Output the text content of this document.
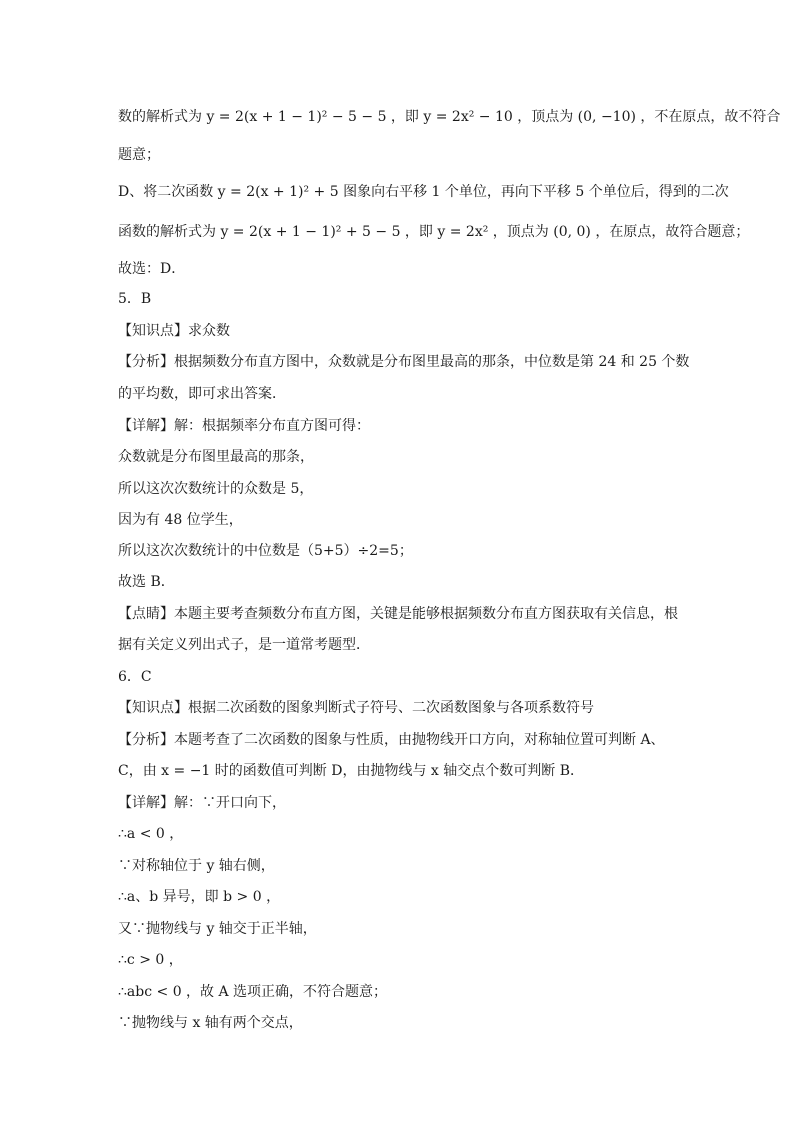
数的解析式为 y = 2(x + 1 − 1)² − 5 − 5 ，即 y = 2x² − 10 ，顶点为 (0, −10) ，不在原点，故不符合
题意；
D、将二次函数 y = 2(x + 1)² + 5 图象向右平移 1 个单位，再向下平移 5 个单位后，得到的二次
函数的解析式为 y = 2(x + 1 − 1)² + 5 − 5 ，即 y = 2x² ，顶点为 (0, 0) ，在原点，故符合题意；
故选：D．
5．B
【知识点】求众数
【分析】根据频数分布直方图中，众数就是分布图里最高的那条，中位数是第 24 和 25 个数
的平均数，即可求出答案．
【详解】解：根据频率分布直方图可得：
众数就是分布图里最高的那条，
所以这次次数统计的众数是 5，
因为有 48 位学生，
所以这次次数统计的中位数是（5+5）÷2=5；
故选 B．
【点睛】本题主要考查频数分布直方图，关键是能够根据频数分布直方图获取有关信息，根
据有关定义列出式子，是一道常考题型．
6．C
【知识点】根据二次函数的图象判断式子符号、二次函数图象与各项系数符号
【分析】本题考查了二次函数的图象与性质，由抛物线开口方向，对称轴位置可判断 A、
C，由 x = −1 时的函数值可判断 D，由抛物线与 x 轴交点个数可判断 B．
【详解】解：∵开口向下，
∴a < 0 ，
∵对称轴位于 y 轴右侧，
∴a、b 异号，即 b > 0 ，
又∵抛物线与 y 轴交于正半轴，
∴c > 0 ，
∴abc < 0 ，故 A 选项正确，不符合题意；
∵抛物线与 x 轴有两个交点，
